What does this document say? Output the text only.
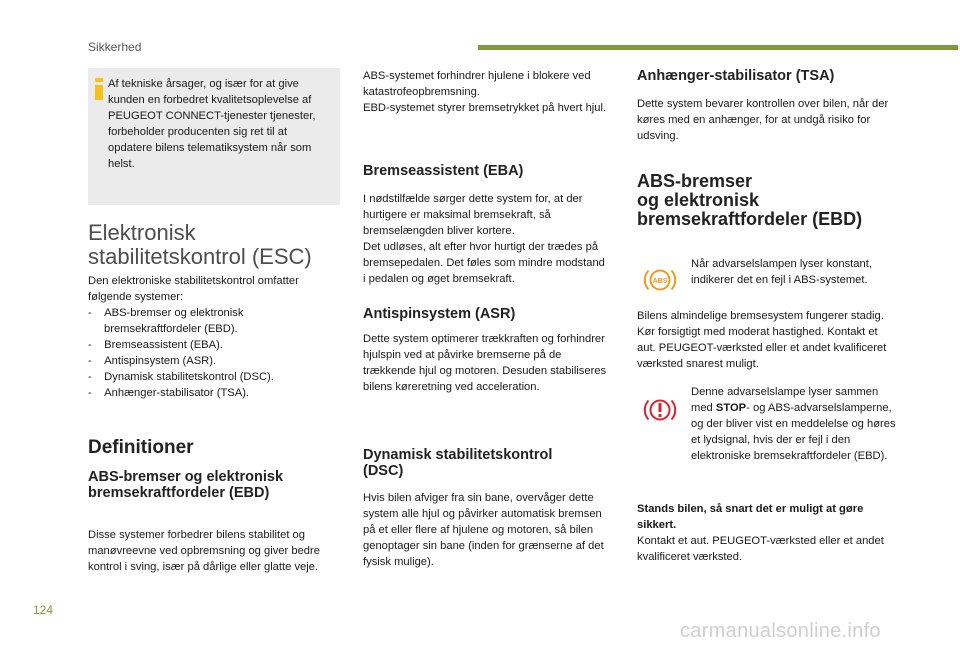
Sikkerhed

Af tekniske årsager, og især for at give kunden en forbedret kvalitetsoplevelse af PEUGEOT CONNECT-tjenester tjenester, forbeholder producenten sig ret til at opdatere bilens telematiksystem når som helst.

Elektronisk
stabilitetskontrol (ESC)

Den elektroniske stabilitetskontrol omfatter følgende systemer:

-    ABS-bremser og elektronisk bremsekraftfordeler (EBD).
-    Bremseassistent (EBA).
-    Antispinsystem (ASR).
-    Dynamisk stabilitetskontrol (DSC).
-    Anhænger-stabilisator (TSA).
Definitioner
ABS-bremser og elektronisk
bremsekraftfordeler (EBD)

Disse systemer forbedrer bilens stabilitet og manøvreevne ved opbremsning og giver bedre kontrol i sving, især på dårlige eller glatte veje.

ABS-systemet forhindrer hjulene i blokere ved katastrofeopbremsning.

EBD-systemet styrer bremsetrykket på hvert hjul.

Bremseassistent (EBA)

I nødstilfælde sørger dette system for, at der hurtigere er maksimal bremsekraft, så bremselængden bliver kortere.

Det udløses, alt efter hvor hurtigt der trædes på bremsepedalen. Det føles som mindre modstand i pedalen og øget bremsekraft.

Antispinsystem (ASR)

Dette system optimerer trækkraften og forhindrer hjulspin ved at påvirke bremserne på de trækkende hjul og motoren. Desuden stabiliseres bilens køreretning ved acceleration.

Dynamisk stabilitetskontrol
(DSC)

Hvis bilen afviger fra sin bane, overvåger dette system alle hjul og påvirker automatisk bremsen på et eller flere af hjulene og motoren, så bilen genoptager sin bane (inden for grænserne af det fysisk mulige).

Anhænger-stabilisator (TSA)

Dette system bevarer kontrollen over bilen, når der køres med en anhænger, for at undgå risiko for udsving.

ABS-bremser
og elektronisk
bremsekraftfordeler (EBD)
ABS

Når advarselslampen lyser konstant, indikerer det en fejl i ABS-systemet.

Bilens almindelige bremsesystem fungerer stadig. Kør forsigtigt med moderat hastighed. Kontakt et aut. PEUGEOT-værksted eller et andet kvalificeret værksted snarest muligt.

Denne advarselslampe lyser sammen med STOP- og ABS-advarselslamperne, og der bliver vist en meddelelse og høres et lydsignal, hvis der er fejl i den elektroniske bremsekraftfordeler (EBD).

Stands bilen, så snart det er muligt at gøre sikkert.

Kontakt et aut. PEUGEOT-værksted eller et andet kvalificeret værksted.

124
carmanualsonline.info
